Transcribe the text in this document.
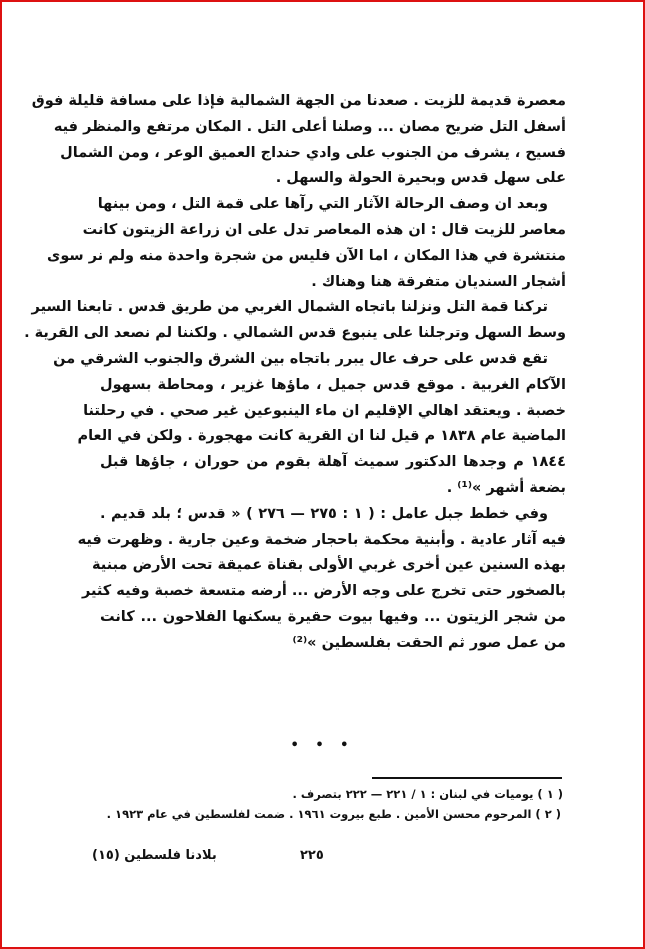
معصرة قديمة للزيت . صعدنا من الجهة الشمالية فإذا على مسافة قليلة فوق
أسفل التل ضريح مصان ... وصلنا أعلى التل . المكان مرتفع والمنظر فيه
فسيح ، يشرف من الجنوب على وادي حنداج العميق الوعر ، ومن الشمال
على سهل قدس وبحيرة الحولة والسهل .
وبعد ان وصف الرحالة الآثار التي رآها على قمة التل ، ومن بينها
معاصر للزيت قال : ان هذه المعاصر تدل على ان زراعة الزيتون كانت
منتشرة في هذا المكان ، اما الآن فليس من شجرة واحدة منه ولم نر سوى
أشجار السنديان متفرقة هنا وهناك .
تركنا قمة التل ونزلنا باتجاه الشمال الغربي من طريق قدس . تابعنا السير
وسط السهل وترجلنا على ينبوع قدس الشمالي . ولكننا لم نصعد الى القرية .
تقع قدس على حرف عال يبرر باتجاه بين الشرق والجنوب الشرقي من
الآكام الغربية . موقع قدس جميل ، ماؤها غزير ، ومحاطة بسهول
خصبة . ويعتقد اهالي الإقليم ان ماء الينبوعين غير صحي . في رحلتنا
الماضية عام ١٨٣٨ م قيل لنا ان القرية كانت مهجورة . ولكن في العام
١٨٤٤ م وجدها الدكتور سميث آهلة بقوم من حوران ، جاؤها قبل
بضعة أشهر »⁽¹⁾ .
وفي خطط جبل عامل : ( ١ : ٢٧٥ — ٢٧٦ ) « قدس ؛ بلد قديم .
فيه آثار عادية . وأبنية محكمة باحجار ضخمة وعين جارية . وظهرت فيه
بهذه السنين عين أخرى غربي الأولى بقناة عميقة تحت الأرض مبنية
بالصخور حتى تخرج على وجه الأرض ... أرضه متسعة خصبة وفيه كثير
من شجر الزيتون ... وفيها بيوت حقيرة يسكنها الفلاحون ... كانت
من عمل صور ثم الحقت بفلسطين »⁽²⁾
• • •
( ١ ) يوميات في لبنان : ١ / ٢٢١ — ٢٢٢ بتصرف .
( ٢ ) المرحوم محسن الأمين . طبع بيروت ١٩٦١ . ضمت لفلسطين في عام ١٩٢٣ .
٢٢٥
بلادنا فلسطين (١٥)
